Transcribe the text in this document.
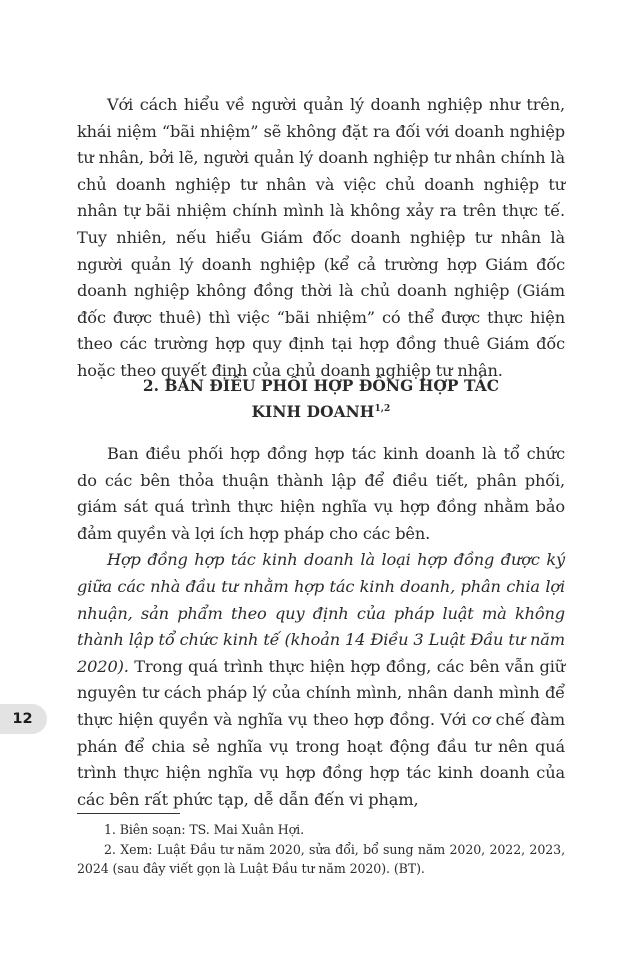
Với cách hiểu về người quản lý doanh nghiệp như trên, khái niệm “bãi nhiệm” sẽ không đặt ra đối với doanh nghiệp tư nhân, bởi lẽ, người quản lý doanh nghiệp tư nhân chính là chủ doanh nghiệp tư nhân và việc chủ doanh nghiệp tư nhân tự bãi nhiệm chính mình là không xảy ra trên thực tế. Tuy nhiên, nếu hiểu Giám đốc doanh nghiệp tư nhân là người quản lý doanh nghiệp (kể cả trường hợp Giám đốc doanh nghiệp không đồng thời là chủ doanh nghiệp (Giám đốc được thuê) thì việc “bãi nhiệm” có thể được thực hiện theo các trường hợp quy định tại hợp đồng thuê Giám đốc hoặc theo quyết định của chủ doanh nghiệp tư nhân.

2. BAN ĐIỀU PHỐI HỢP ĐỒNG HỢP TÁC
KINH DOANH$^{1,2}$

Ban điều phối hợp đồng hợp tác kinh doanh là tổ chức do các bên thỏa thuận thành lập để điều tiết, phân phối, giám sát quá trình thực hiện nghĩa vụ hợp đồng nhằm bảo đảm quyền và lợi ích hợp pháp cho các bên.

Hợp đồng hợp tác kinh doanh là loại hợp đồng được ký giữa các nhà đầu tư nhằm hợp tác kinh doanh, phân chia lợi nhuận, sản phẩm theo quy định của pháp luật mà không thành lập tổ chức kinh tế (khoản 14 Điều 3 Luật Đầu tư năm 2020). Trong quá trình thực hiện hợp đồng, các bên vẫn giữ nguyên tư cách pháp lý của chính mình, nhân danh mình để thực hiện quyền và nghĩa vụ theo hợp đồng. Với cơ chế đàm phán để chia sẻ nghĩa vụ trong hoạt động đầu tư nên quá trình thực hiện nghĩa vụ hợp đồng hợp tác kinh doanh của các bên rất phức tạp, dễ dẫn đến vi phạm,

12

1. Biên soạn: TS. Mai Xuân Hợi.

2. Xem: Luật Đầu tư năm 2020, sửa đổi, bổ sung năm 2020, 2022, 2023, 2024 (sau đây viết gọn là Luật Đầu tư năm 2020). (BT).
